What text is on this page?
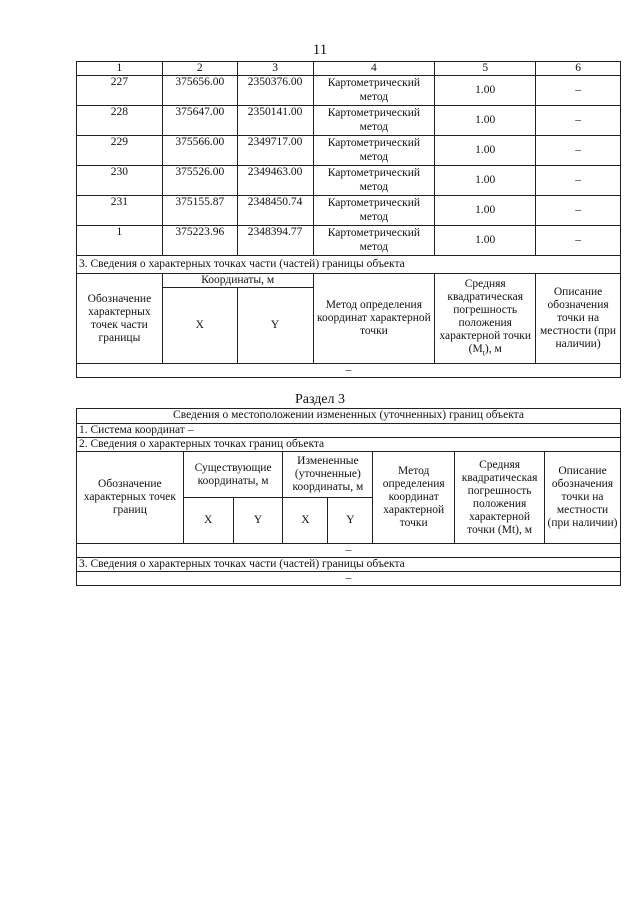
11
1	2	3	4	5	6
227	375656.00	2350376.00	Картометрический метод	1.00	–
228	375647.00	2350141.00	Картометрический метод	1.00	–
229	375566.00	2349717.00	Картометрический метод	1.00	–
230	375526.00	2349463.00	Картометрический метод	1.00	–
231	375155.87	2348450.74	Картометрический метод	1.00	–
1	375223.96	2348394.77	Картометрический метод	1.00	–
3. Сведения о характерных точках части (частей) границы объекта					
Обозначение характерных точек части границы	Координаты, м		Метод определения координат характерной точки	Средняя квадратическая погрешность положения характерной точки $(M_t)$, м	Описание обозначения точки на местности (при наличии)
	X	Y			
–					
Раздел 3
Сведения о местоположении измененных (уточненных) границ объекта							
1. Система координат –							
2. Сведения о характерных точках границ объекта							
Обозначение характерных точек границ	Существующие координаты, м		Измененные (уточненные) координаты, м		Метод определения координат характерной точки	Средняя квадратическая погрешность положения характерной точки (Mt), м	Описание обозначения точки на местности (при наличии)
	X	Y	X	Y			
–							
3. Сведения о характерных точках части (частей) границы объекта							
–							
